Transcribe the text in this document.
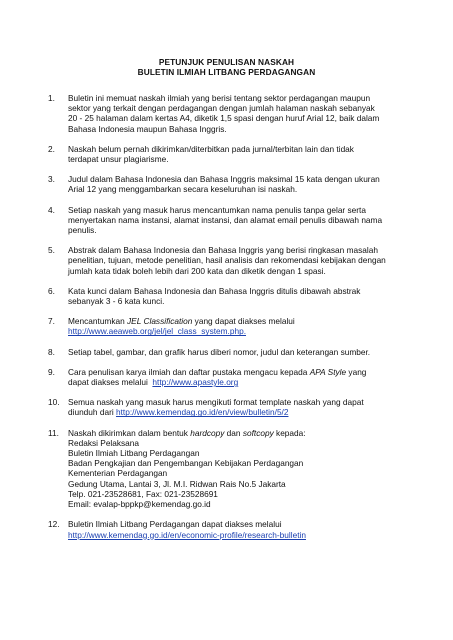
PETUNJUK PENULISAN NASKAH
BULETIN ILMIAH LITBANG PERDAGANGAN
1. Buletin ini memuat naskah ilmiah yang berisi tentang sektor perdagangan maupun
sektor yang terkait dengan perdagangan dengan jumlah halaman naskah sebanyak
20 - 25 halaman dalam kertas A4, diketik 1,5 spasi dengan huruf Arial 12, baik dalam
Bahasa Indonesia maupun Bahasa Inggris.
2. Naskah belum pernah dikirimkan/diterbitkan pada jurnal/terbitan lain dan tidak
terdapat unsur plagiarisme.
3. Judul dalam Bahasa Indonesia dan Bahasa Inggris maksimal 15 kata dengan ukuran
Arial 12 yang menggambarkan secara keseluruhan isi naskah.
4. Setiap naskah yang masuk harus mencantumkan nama penulis tanpa gelar serta
menyertakan nama instansi, alamat instansi, dan alamat email penulis dibawah nama
penulis.
5. Abstrak dalam Bahasa Indonesia dan Bahasa Inggris yang berisi ringkasan masalah
penelitian, tujuan, metode penelitian, hasil analisis dan rekomendasi kebijakan dengan
jumlah kata tidak boleh lebih dari 200 kata dan diketik dengan 1 spasi.
6. Kata kunci dalam Bahasa Indonesia dan Bahasa Inggris ditulis dibawah abstrak
sebanyak 3 - 6 kata kunci.
7. Mencantumkan JEL Classification yang dapat diakses melalui
http://www.aeaweb.org/jel/jel_class_system.php.
8. Setiap tabel, gambar, dan grafik harus diberi nomor, judul dan keterangan sumber.
9. Cara penulisan karya ilmiah dan daftar pustaka mengacu kepada APA Style yang
dapat diakses melalui  http://www.apastyle.org
10. Semua naskah yang masuk harus mengikuti format template naskah yang dapat
diunduh dari http://www.kemendag.go.id/en/view/bulletin/5/2
11. Naskah dikirimkan dalam bentuk hardcopy dan softcopy kepada:
Redaksi Pelaksana
Buletin Ilmiah Litbang Perdagangan
Badan Pengkajian dan Pengembangan Kebijakan Perdagangan
Kementerian Perdagangan
Gedung Utama, Lantai 3, Jl. M.I. Ridwan Rais No.5 Jakarta
Telp. 021-23528681, Fax: 021-23528691
Email: evalap-bppkp@kemendag.go.id
12. Buletin Ilmiah Litbang Perdagangan dapat diakses melalui
http://www.kemendag.go.id/en/economic-profile/research-bulletin
